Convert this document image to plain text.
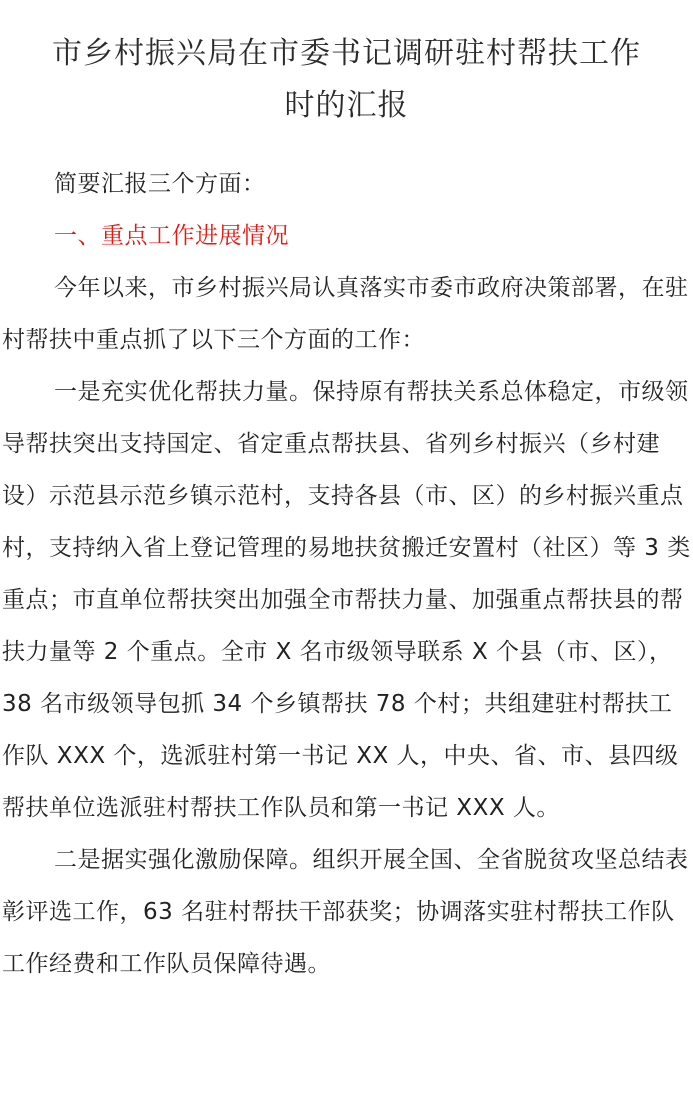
市乡村振兴局在市委书记调研驻村帮扶工作
时的汇报

简要汇报三个方面：

一、重点工作进展情况

今年以来，市乡村振兴局认真落实市委市政府决策部署，在驻村帮扶中重点抓了以下三个方面的工作：

一是充实优化帮扶力量。保持原有帮扶关系总体稳定，市级领导帮扶突出支持国定、省定重点帮扶县、省列乡村振兴（乡村建设）示范县示范乡镇示范村，支持各县（市、区）的乡村振兴重点村，支持纳入省上登记管理的易地扶贫搬迁安置村（社区）等 3 类重点；市直单位帮扶突出加强全市帮扶力量、加强重点帮扶县的帮扶力量等 2 个重点。全市 X 名市级领导联系 X 个县（市、区），38 名市级领导包抓 34 个乡镇帮扶 78 个村；共组建驻村帮扶工作队 XXX 个，选派驻村第一书记 XX 人，中央、省、市、县四级帮扶单位选派驻村帮扶工作队员和第一书记 XXX 人。

二是据实强化激励保障。组织开展全国、全省脱贫攻坚总结表彰评选工作，63 名驻村帮扶干部获奖；协调落实驻村帮扶工作队工作经费和工作队员保障待遇。
